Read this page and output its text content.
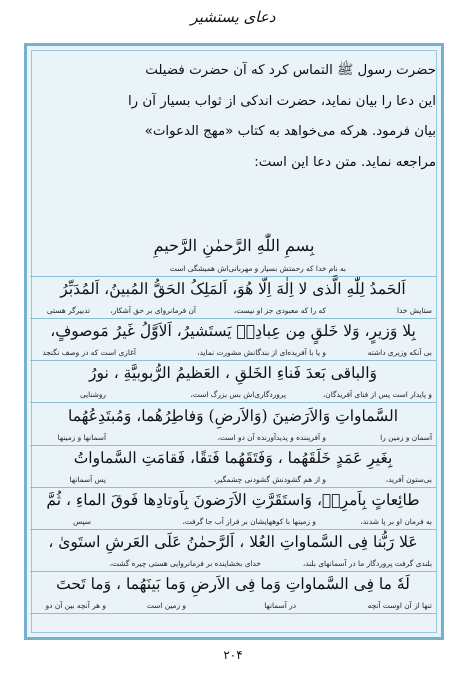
دعای یستشیر

حضرت رسول ﷺ التماس کرد که آن حضرت فضیلت

این دعا را بیان نماید، حضرت اندکی از ثواب بسیار آن را

بیان فرمود. هرکه می‌خواهد به کتاب «مهج الدعوات»

مراجعه نماید. متن دعا این است:

بِسمِ اللّٰهِ الرَّحمٰنِ الرَّحیمِ
به نام خدا که رحمتش بسیار و مهربانی‌اش همیشگی است
اَلحَمدُ لِلّٰهِ الَّذی لا اِلٰهَ اِلّا هُوَ، اَلمَلِکُ الحَقُّ المُبینُ، اَلمُدَبِّرُ
ستایش خدا
که را که معبودی جز او نیست،
آن فرمانروای بر حق آشکار،
تدبیرگر هستی
بِلا وَزیرٍ، وَلا خَلقٍ مِن عِبادِهٖ یَستَشیرُ، اَلاَوَّلُ غَیرُ مَوصوفٍ،
بی آنکه وزیری داشته
و یا با آفریده‌ای از بندگانش مشورت نماید،
آغازی است که در وصف نگنجد
وَالباقی بَعدَ فَناءِ الخَلقِ ، العَظیمُ الرُّبوبیَّةِ ، نورُ
و پایدار است پس از فنای آفریدگان،
پروردگاری‌اش بس بزرگ است،
روشنایی
السَّماواتِ وَالاَرَضینَ (وَالاَرضِ) وَفاطِرُهُما، وَمُبتَدِعُهُما
آسمان و زمین را
و آفریننده و پدیدآورنده آن دو است،
آسمانها و زمینها
بِغَیرِ عَمَدٍ خَلَقَهُما ، وَفَتَقَهُما فَتقًا، فَقامَتِ السَّماواتُ
بی‌ستون آفرید،
و از هم گشودنش گشودنی چشمگیر،
پس آسمانها
طائِعاتٍ بِاَمرِهٖ، وَاستَقَرَّتِ الاَرَضونَ بِاَوتادِها فَوقَ الماءِ ، ثُمَّ
به فرمان او بر پا شدند،
و زمینها با کوههایشان بر فراز آب جا گرفت،
سپس
عَلا رَبُّنا فِی السَّماواتِ العُلا ، اَلرَّحمٰنُ عَلَی العَرشِ استَویٰ ،
بلندی گرفت پروردگار ما در آسمانهای بلند،
خدای بخشاینده بر فرمانروایی هستی چیره گشت،
لَهٗ ما فِی السَّماواتِ وَما فِی الاَرضِ وَما بَینَهُما ، وَما تَحتَ
تنها از آن اوست آنچه
در آسمانها
و زمین است
و هر آنچه بین آن دو
۲۰۴
